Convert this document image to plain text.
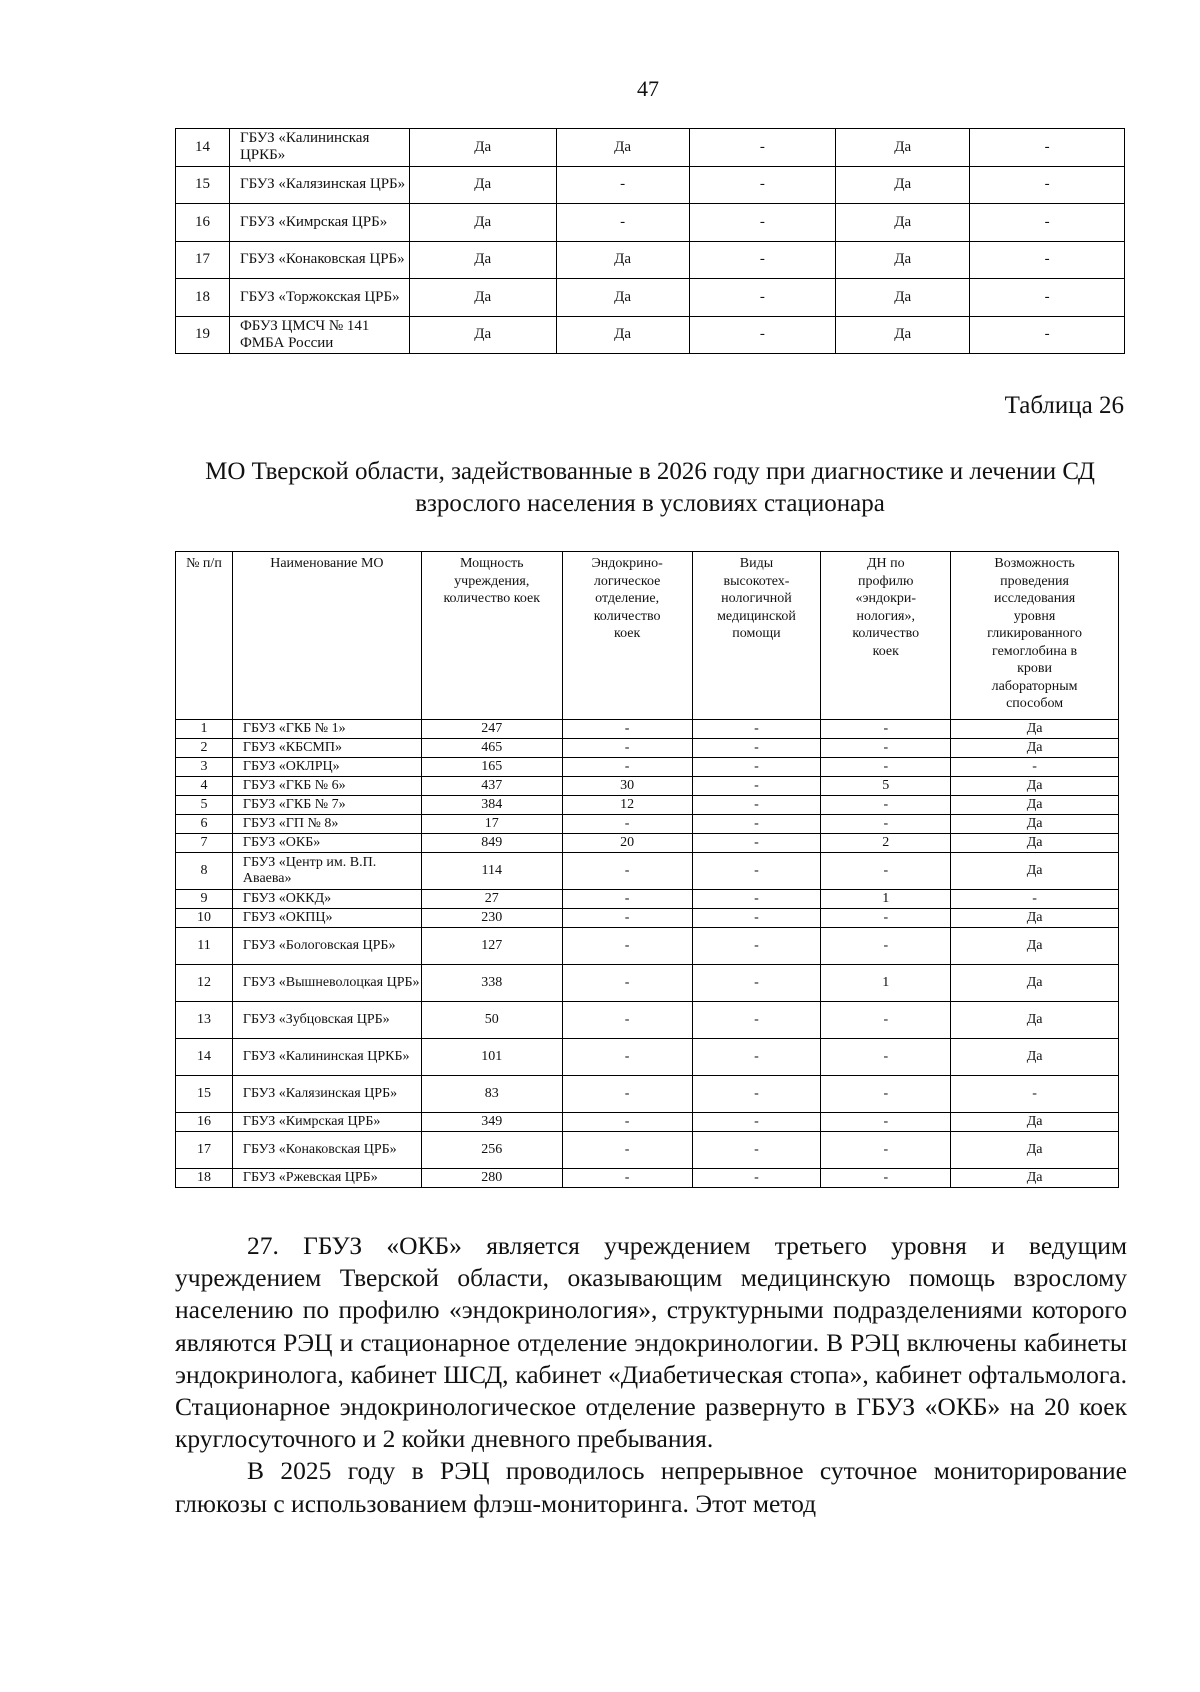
47
14	ГБУЗ «Калининская ЦРКБ»	Да	Да	-	Да	-
15	ГБУЗ «Калязинская ЦРБ»	Да	-	-	Да	-
16	ГБУЗ «Кимрская ЦРБ»	Да	-	-	Да	-
17	ГБУЗ «Конаковская ЦРБ»	Да	Да	-	Да	-
18	ГБУЗ «Торжокская ЦРБ»	Да	Да	-	Да	-
19	ФБУЗ ЦМСЧ № 141 ФМБА России	Да	Да	-	Да	-
Таблица 26
МО Тверской области, задействованные в 2026 году при диагностике и лечении СД взрослого населения в условиях стационара
№ п/п	Наименование МО	Мощность учреждения, количество коек	Эндокрино-логическое отделение, количество коек	Виды высокотех-нологичной медицинской помощи	ДН по профилю «эндокри-нология», количество коек	Возможность проведения исследования уровня гликированного гемоглобина в крови лабораторным способом

1	ГБУЗ «ГКБ № 1»	247	-	-	-	Да
2	ГБУЗ «КБСМП»	465	-	-	-	Да
3	ГБУЗ «ОКЛРЦ»	165	-	-	-	-
4	ГБУЗ «ГКБ № 6»	437	30	-	5	Да
5	ГБУЗ «ГКБ № 7»	384	12	-	-	Да
6	ГБУЗ «ГП № 8»	17	-	-	-	Да
7	ГБУЗ «ОКБ»	849	20	-	2	Да
8	ГБУЗ «Центр им. В.П. Аваева»	114	-	-	-	Да
9	ГБУЗ «ОККД»	27	-	-	1	-
10	ГБУЗ «ОКПЦ»	230	-	-	-	Да
11	ГБУЗ «Бологовская ЦРБ»	127	-	-	-	Да
12	ГБУЗ «Вышневолоцкая ЦРБ»	338	-	-	1	Да
13	ГБУЗ «Зубцовская ЦРБ»	50	-	-	-	Да
14	ГБУЗ «Калининская ЦРКБ»	101	-	-	-	Да
15	ГБУЗ «Калязинская ЦРБ»	83	-	-	-	-
16	ГБУЗ «Кимрская ЦРБ»	349	-	-	-	Да
17	ГБУЗ «Конаковская ЦРБ»	256	-	-	-	Да
18	ГБУЗ «Ржевская ЦРБ»	280	-	-	-	Да

27. ГБУЗ «ОКБ» является учреждением третьего уровня и ведущим учреждением Тверской области, оказывающим медицинскую помощь взрослому населению по профилю «эндокринология», структурными подразделениями которого являются РЭЦ и стационарное отделение эндокринологии. В РЭЦ включены кабинеты эндокринолога, кабинет ШСД, кабинет «Диабетическая стопа», кабинет офтальмолога. Стационарное эндокринологическое отделение развернуто в ГБУЗ «ОКБ» на 20 коек круглосуточного и 2 койки дневного пребывания.

В 2025 году в РЭЦ проводилось непрерывное суточное мониторирование глюкозы с использованием флэш-мониторинга. Этот метод
